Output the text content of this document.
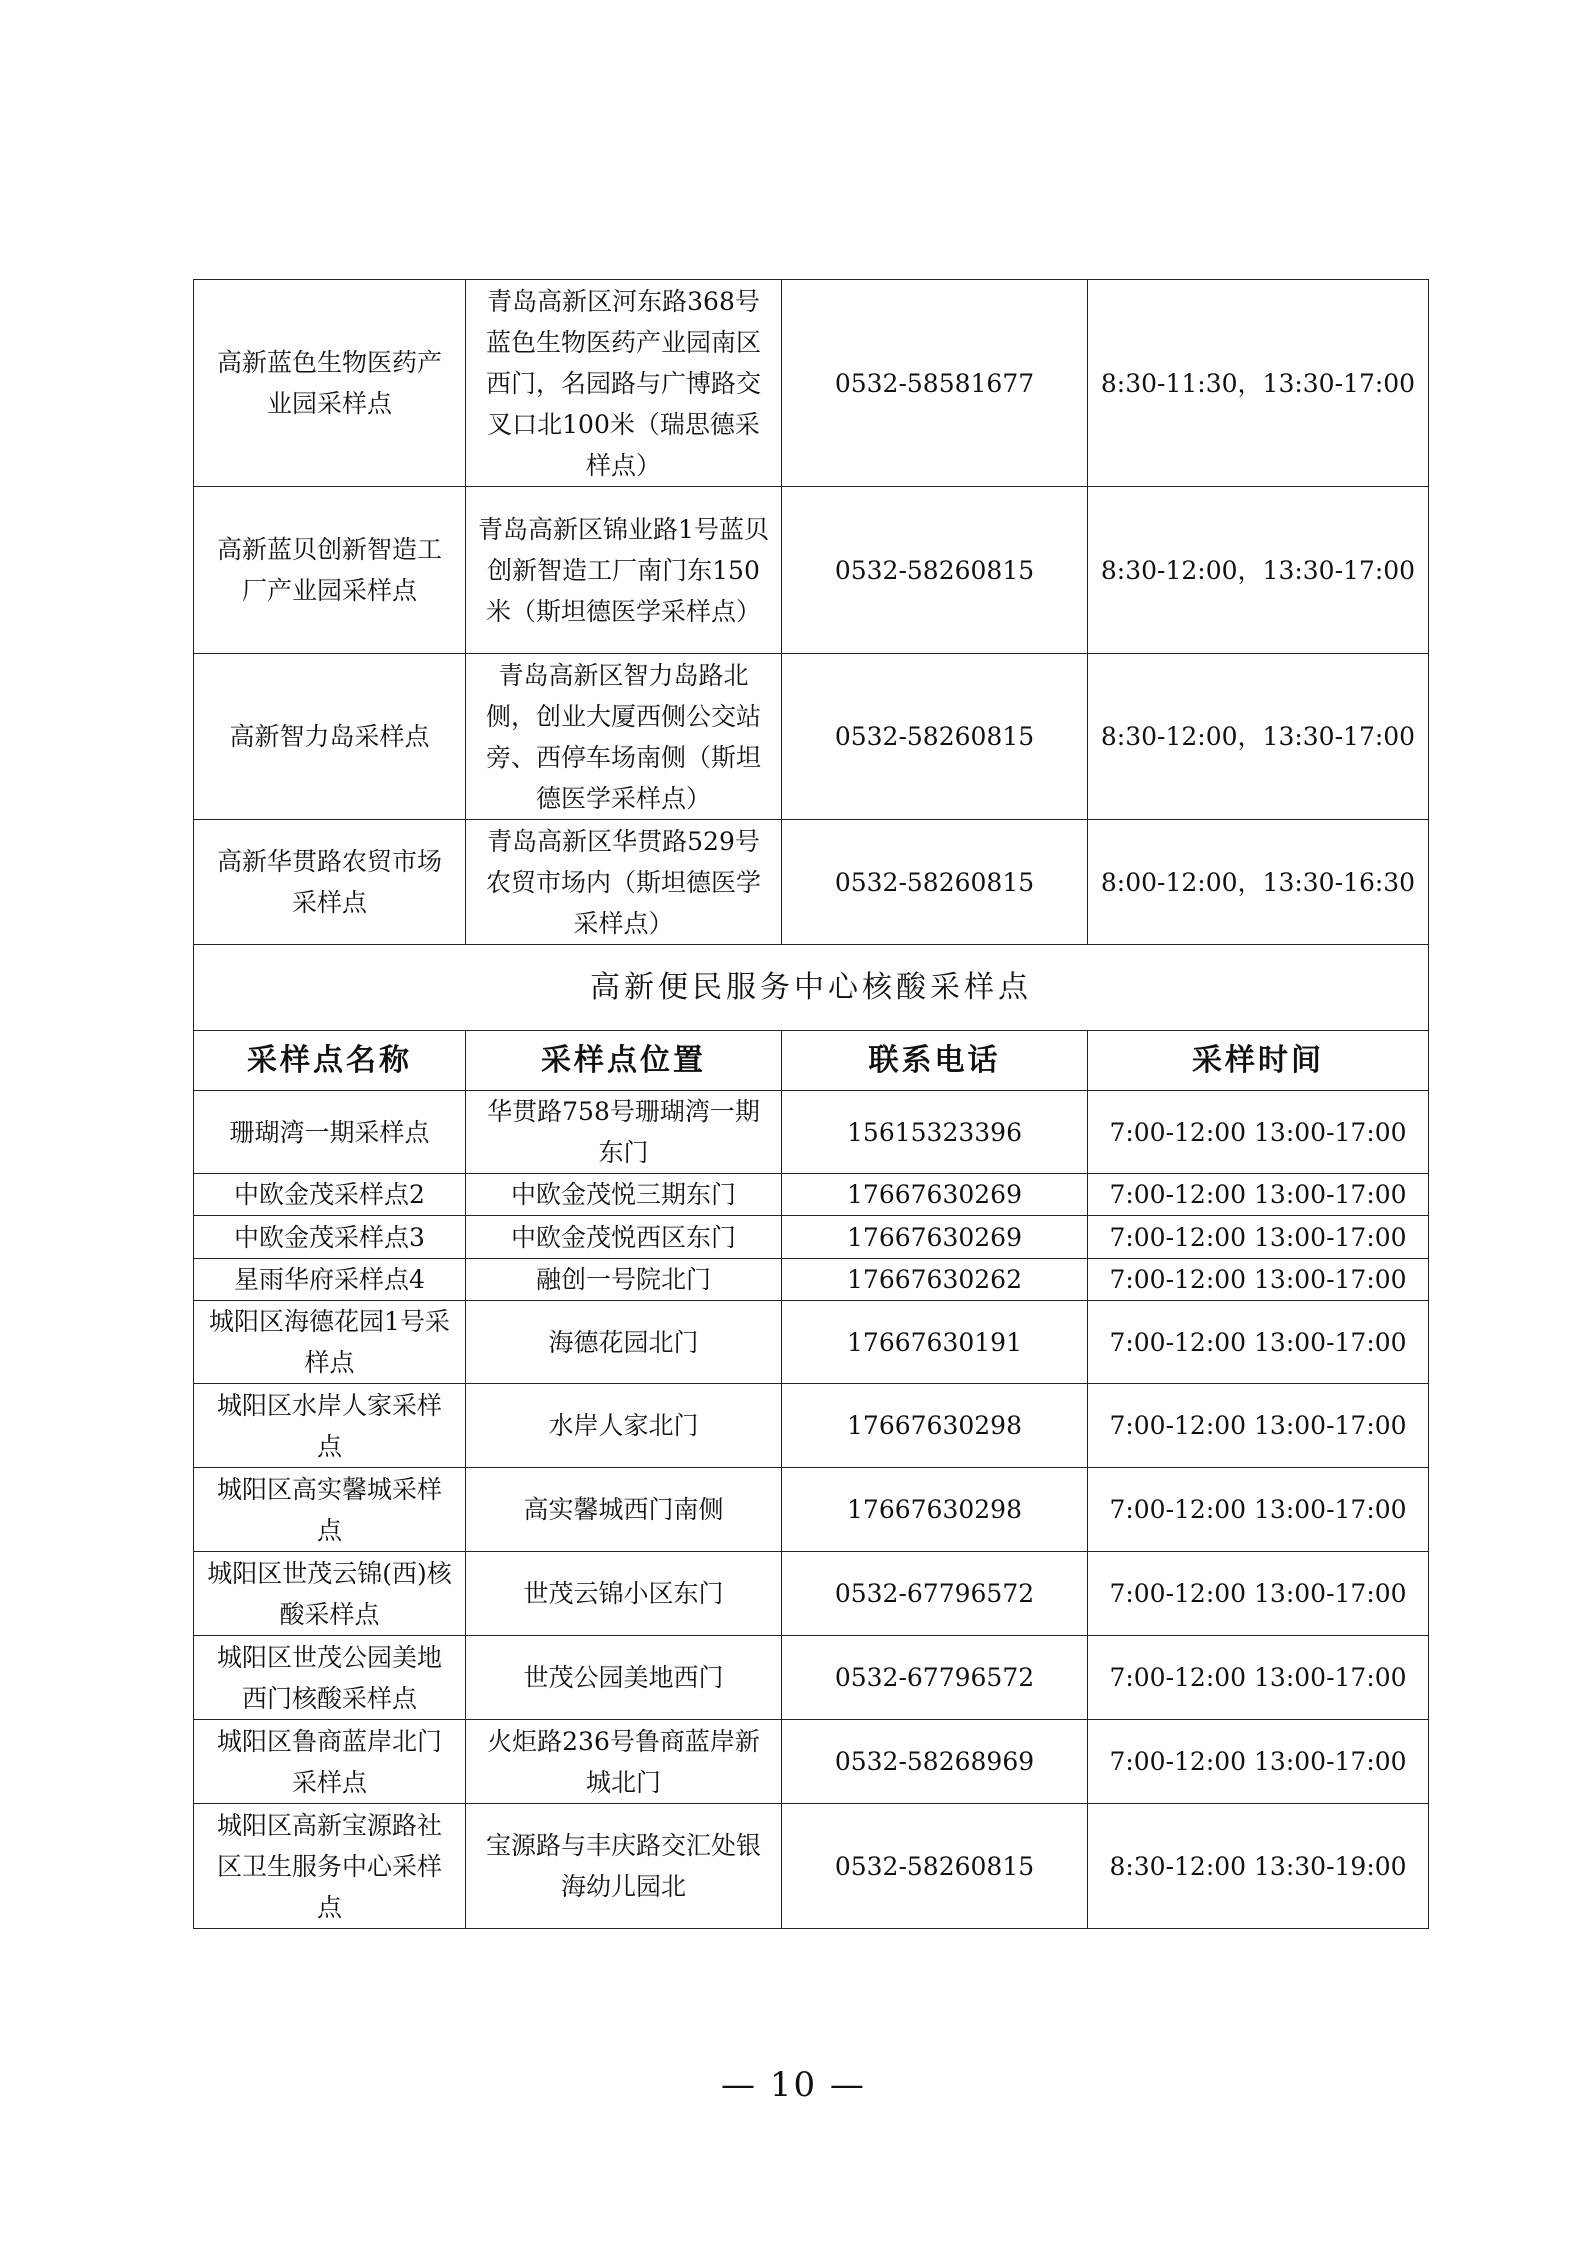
高新蓝色生物医药产业园采样点	青岛高新区河东路368号蓝色生物医药产业园南区西门，名园路与广博路交叉口北100米（瑞思德采样点）	0532-58581677	8:30-11:30，13:30-17:00
高新蓝贝创新智造工厂产业园采样点	青岛高新区锦业路1号蓝贝创新智造工厂南门东150米（斯坦德医学采样点）	0532-58260815	8:30-12:00，13:30-17:00
高新智力岛采样点	青岛高新区智力岛路北侧，创业大厦西侧公交站旁、西停车场南侧（斯坦德医学采样点）	0532-58260815	8:30-12:00，13:30-17:00
高新华贯路农贸市场采样点	青岛高新区华贯路529号农贸市场内（斯坦德医学采样点）	0532-58260815	8:00-12:00，13:30-16:30
高新便民服务中心核酸采样点			
采样点名称	采样点位置	联系电话	采样时间
珊瑚湾一期采样点	华贯路758号珊瑚湾一期东门	15615323396	7:00-12:00 13:00-17:00
中欧金茂采样点2	中欧金茂悦三期东门	17667630269	7:00-12:00 13:00-17:00
中欧金茂采样点3	中欧金茂悦西区东门	17667630269	7:00-12:00 13:00-17:00
星雨华府采样点4	融创一号院北门	17667630262	7:00-12:00 13:00-17:00
城阳区海德花园1号采样点	海德花园北门	17667630191	7:00-12:00 13:00-17:00
城阳区水岸人家采样点	水岸人家北门	17667630298	7:00-12:00 13:00-17:00
城阳区高实馨城采样点	高实馨城西门南侧	17667630298	7:00-12:00 13:00-17:00
城阳区世茂云锦(西)核酸采样点	世茂云锦小区东门	0532-67796572	7:00-12:00 13:00-17:00
城阳区世茂公园美地西门核酸采样点	世茂公园美地西门	0532-67796572	7:00-12:00 13:00-17:00
城阳区鲁商蓝岸北门采样点	火炬路236号鲁商蓝岸新城北门	0532-58268969	7:00-12:00 13:00-17:00
城阳区高新宝源路社区卫生服务中心采样点	宝源路与丰庆路交汇处银海幼儿园北	0532-58260815	8:30-12:00 13:30-19:00
— 10 —
